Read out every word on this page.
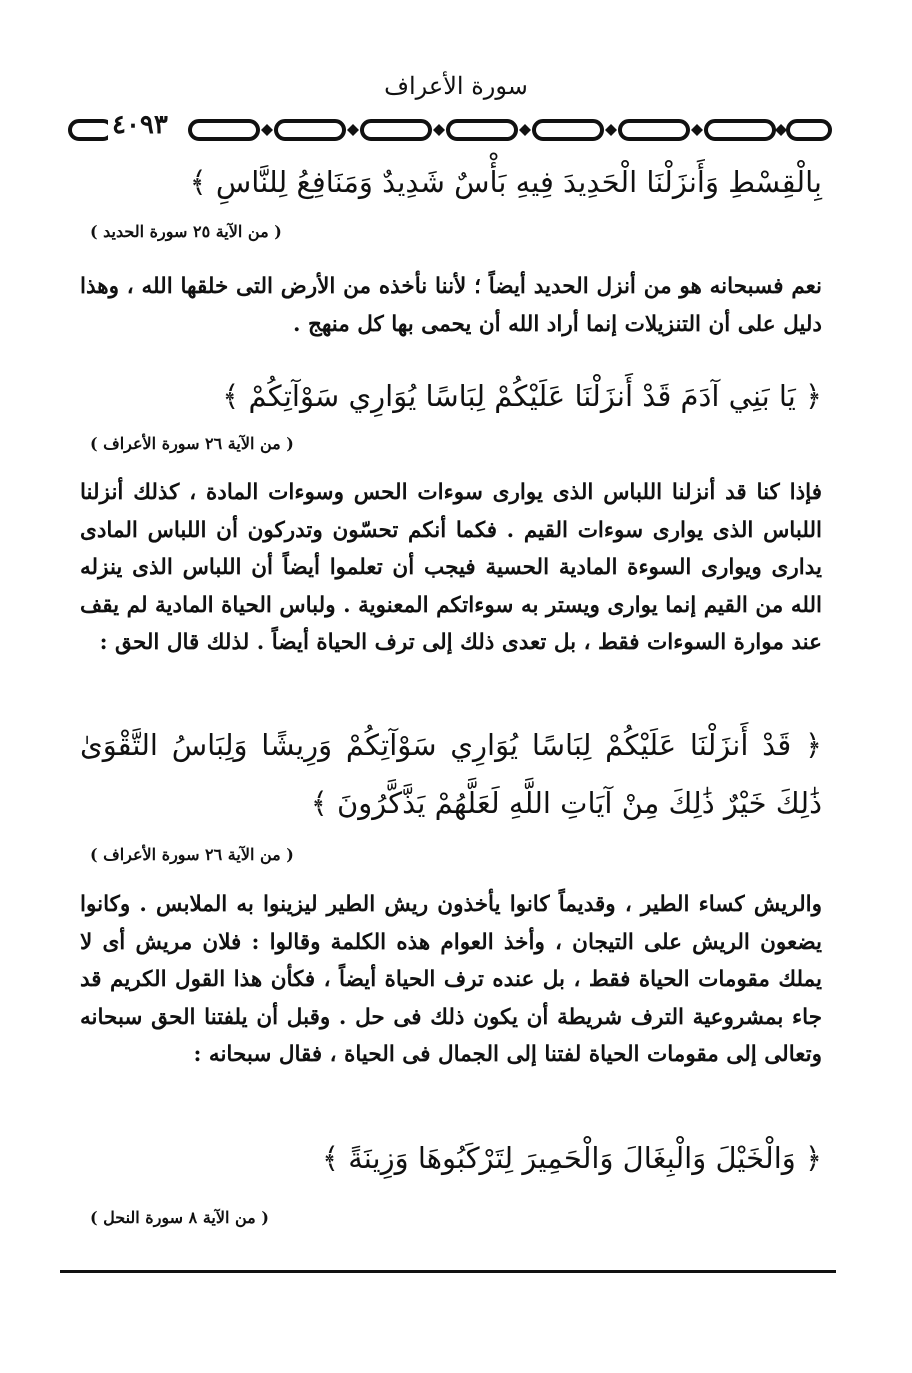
سورة الأعراف
٤٠٩٣
بِالْقِسْطِ وَأَنزَلْنَا الْحَدِيدَ فِيهِ بَأْسٌ شَدِيدٌ وَمَنَافِعُ لِلنَّاسِ ﴾
( من الآية ٢٥ سورة الحديد )
نعم فسبحانه هو من أنزل الحديد أيضاً ؛ لأننا نأخذه من الأرض التى خلقها الله ، وهذا دليل على أن التنزيلات إنما أراد الله أن يحمى بها كل منهج .
﴿ يَا بَنِي آدَمَ قَدْ أَنزَلْنَا عَلَيْكُمْ لِبَاسًا يُوَارِي سَوْآتِكُمْ ﴾
( من الآية ٢٦ سورة الأعراف )
فإذا كنا قد أنزلنا اللباس الذى يوارى سوءات الحس وسوءات المادة ، كذلك أنزلنا اللباس الذى يوارى سوءات القيم . فكما أنكم تحسّون وتدركون أن اللباس المادى يدارى ويوارى السوءة المادية الحسية فيجب أن تعلموا أيضاً أن اللباس الذى ينزله الله من القيم إنما يوارى ويستر به سوءاتكم المعنوية . ولباس الحياة المادية لم يقف عند موارة السوءات فقط ، بل تعدى ذلك إلى ترف الحياة أيضاً . لذلك قال الحق :
﴿ قَدْ أَنزَلْنَا عَلَيْكُمْ لِبَاسًا يُوَارِي سَوْآتِكُمْ وَرِيشًا وَلِبَاسُ التَّقْوَىٰ ذَٰلِكَ خَيْرٌ ذَٰلِكَ مِنْ آيَاتِ اللَّهِ لَعَلَّهُمْ يَذَّكَّرُونَ ﴾
( من الآية ٢٦ سورة الأعراف )
والريش كساء الطير ، وقديماً كانوا يأخذون ريش الطير ليزينوا به الملابس . وكانوا يضعون الريش على التيجان ، وأخذ العوام هذه الكلمة وقالوا : فلان مريش أى لا يملك مقومات الحياة فقط ، بل عنده ترف الحياة أيضاً ، فكأن هذا القول الكريم قد جاء بمشروعية الترف شريطة أن يكون ذلك فى حل . وقبل أن يلفتنا الحق سبحانه وتعالى إلى مقومات الحياة لفتنا إلى الجمال فى الحياة ، فقال سبحانه :
﴿ وَالْخَيْلَ وَالْبِغَالَ وَالْحَمِيرَ لِتَرْكَبُوهَا وَزِينَةً ﴾
( من الآية ٨ سورة النحل )
